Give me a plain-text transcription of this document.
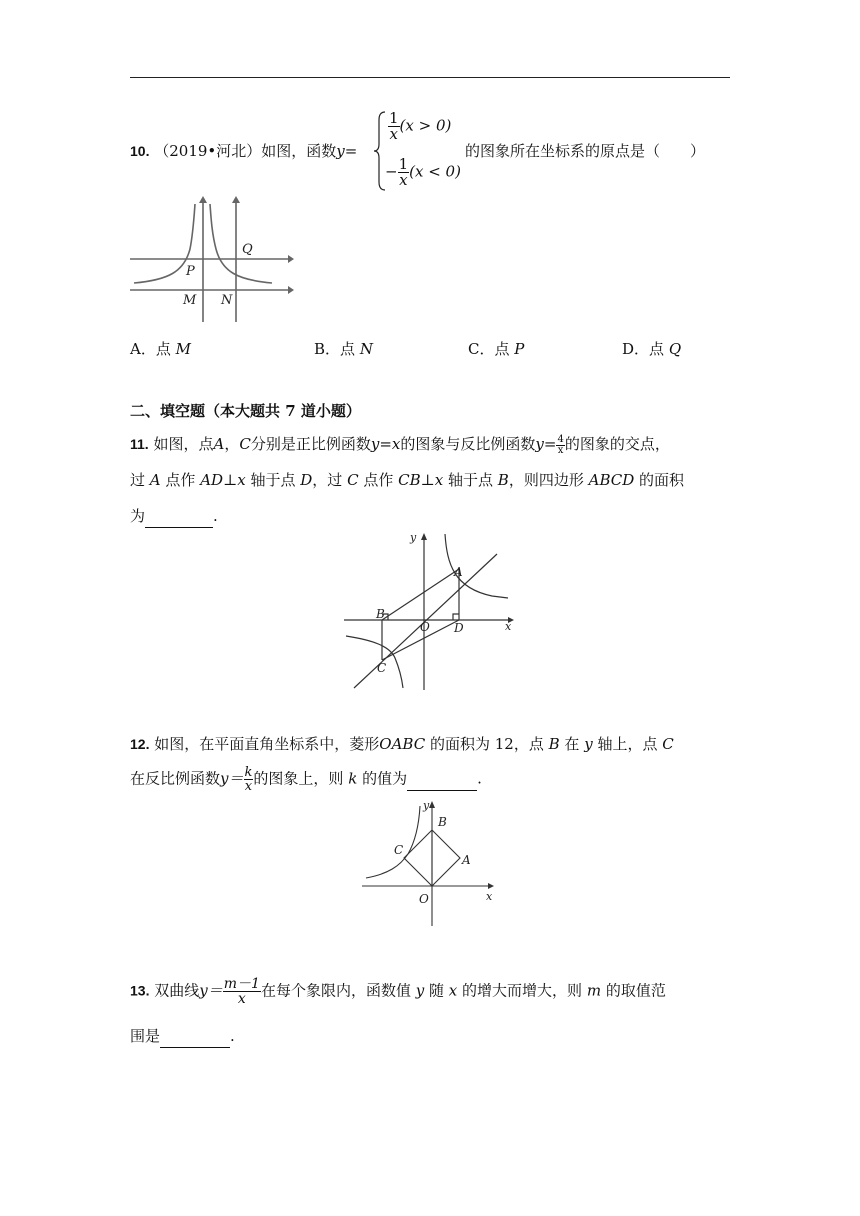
10. （2019•河北）如图，函数y=
$\frac{1}{x} (x > 0)$
− $\frac{1}{x} (x < 0)$
的图象所在坐标系的原点是（　　）
P
Q
M N
A．点 M	B．点 N	C．点 P	D．点 Q
二、填空题（本大题共 7 道小题）
11. 如图，点A，C分别是正比例函数y=x的图象与反比例函数$y= \frac{4}{x}$ 的图象的交点，
过 A 点作 AD⊥x 轴于点 D，过 C 点作 CB⊥x 轴于点 B，则四边形 ABCD 的面积
为	.
y
x
A
B
C
D
O
12. 如图，在平面直角坐标系中，菱形OABC 的面积为 12，点 B 在 y 轴上，点 C
在反比例函数$y= \frac{k}{x}$ 的图象上，则 k 的值为	.
y
x
A
B
C
O
13. 双曲线$y= \frac{m-1}{x}$ 在每个象限内，函数值 y 随 x 的增大而增大，则 m 的取值范
围是	.
